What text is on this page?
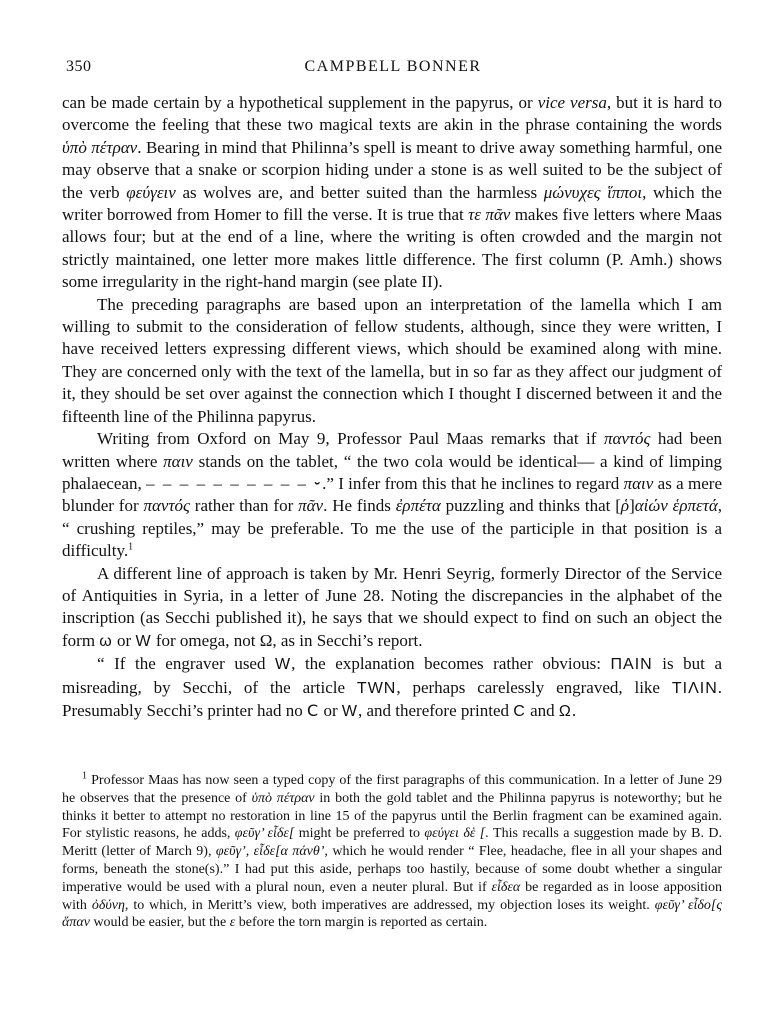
350	CAMPBELL BONNER

can be made certain by a hypothetical supplement in the papyrus, or vice versa, but it is hard to overcome the feeling that these two magical texts are akin in the phrase containing the words ὑπὸ πέτραν. Bearing in mind that Philinna’s spell is meant to drive away something harmful, one may observe that a snake or scorpion hiding under a stone is as well suited to be the subject of the verb φεύγειν as wolves are, and better suited than the harmless μώνυχες ἵπποι, which the writer borrowed from Homer to fill the verse. It is true that τε πᾶν makes five letters where Maas allows four; but at the end of a line, where the writing is often crowded and the margin not strictly maintained, one letter more makes little difference. The first column (P. Amh.) shows some irregularity in the right-hand margin (see plate II).

The preceding paragraphs are based upon an interpretation of the lamella which I am willing to submit to the consideration of fellow students, although, since they were written, I have received letters expressing different views, which should be examined along with mine. They are concerned only with the text of the lamella, but in so far as they affect our judgment of it, they should be set over against the connection which I thought I discerned between it and the fifteenth line of the Philinna papyrus.

Writing from Oxford on May 9, Professor Paul Maas remarks that if παντός had been written where παιν stands on the tablet, “ the two cola would be identical— a kind of limping phalaecean, – – – – – – – – – – ⏑.” I infer from this that he inclines to regard παιν as a mere blunder for παντός rather than for πᾶν. He finds ἐρπέτα puzzling and thinks that [ῥ]αἰών ἑρπετά, “ crushing reptiles,” may be preferable. To me the use of the participle in that position is a difficulty.$^1$

A different line of approach is taken by Mr. Henri Seyrig, formerly Director of the Service of Antiquities in Syria, in a letter of June 28. Noting the discrepancies in the alphabet of the inscription (as Secchi published it), he says that we should expect to find on such an object the form ω or W for omega, not Ω, as in Secchi’s report.

“ If the engraver used W, the explanation becomes rather obvious: ΠΑΙΝ is but a misreading, by Secchi, of the article TWN, perhaps carelessly engraved, like TIΛIN. Presumably Secchi’s printer had no Ⅽ or W, and therefore printed C and Ω.

$^1$ Professor Maas has now seen a typed copy of the first paragraphs of this communication. In a letter of June 29 he observes that the presence of ὑπὸ πέτραν in both the gold tablet and the Philinna papyrus is noteworthy; but he thinks it better to attempt no restoration in line 15 of the papyrus until the Berlin fragment can be examined again. For stylistic reasons, he adds, φεῦγ’ εἶδε[ might be preferred to φεύγει δὲ [. This recalls a suggestion made by B. D. Meritt (letter of March 9), φεῦγ’, εἶδε[α πάνθ’, which he would render “ Flee, headache, flee in all your shapes and forms, beneath the stone(s).” I had put this aside, perhaps too hastily, because of some doubt whether a singular imperative would be used with a plural noun, even a neuter plural. But if εἶδεα be regarded as in loose apposition with ὀδύνη, to which, in Meritt’s view, both imperatives are addressed, my objection loses its weight. φεῦγ’ εἶδο[ς ἅπαν would be easier, but the ε before the torn margin is reported as certain.
